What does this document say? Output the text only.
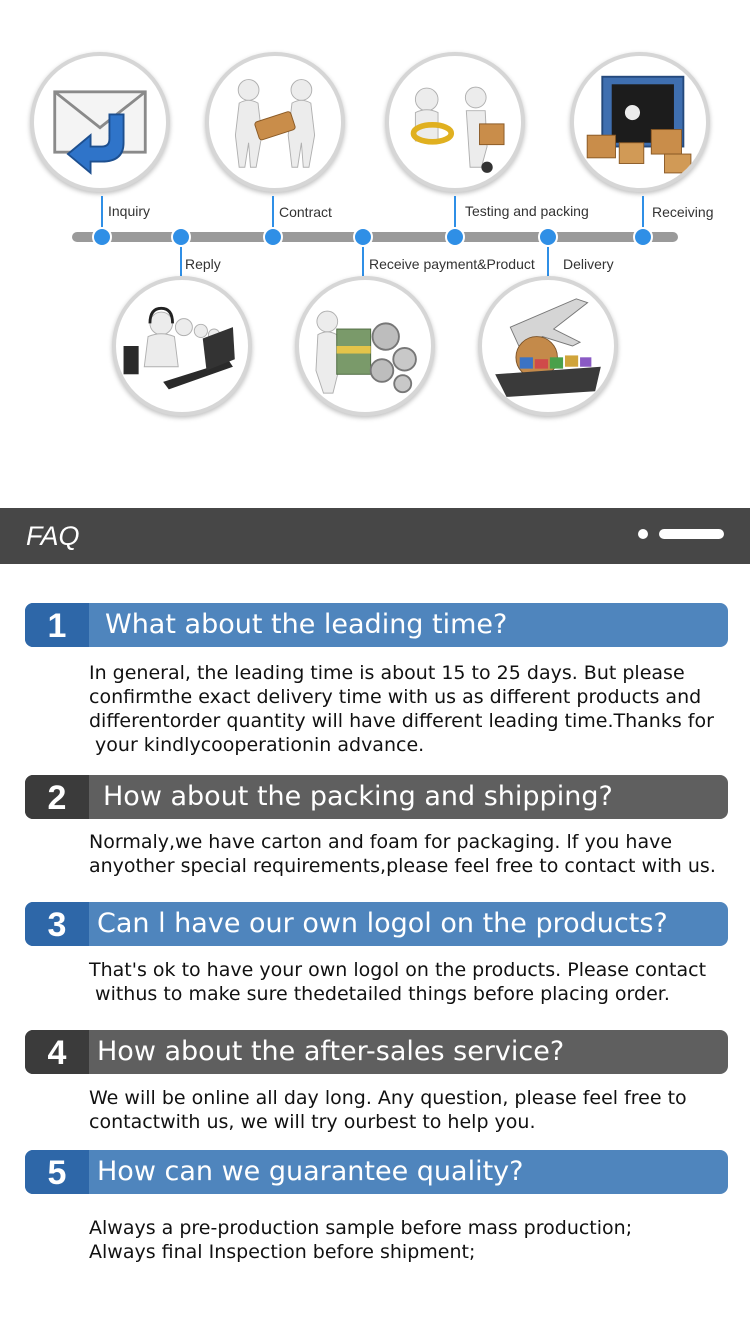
Inquiry
Reply
Contract
Receive payment&Product
Testing and packing
Delivery
Receiving
FAQ
1	What about the leading time?
In general, the leading time is about 15 to 25 days. But please
confirmthe exact delivery time with us as different products and
differentorder quantity will have different leading time.Thanks for
your kindlycooperationin advance.
2	How about the packing and shipping?
Normaly,we have carton and foam for packaging. lf you have
anyother special requirements,please feel free to contact with us.
3	Can l have our own logol on the products?
That's ok to have your own logol on the products. Please contact
withus to make sure thedetailed things before placing order.
4	How about the after-sales service?
We will be online all day long. Any question, please feel free to
contactwith us, we will try ourbest to help you.
5	How can we guarantee quality?
Always a pre-production sample before mass production;
Always final Inspection before shipment;
